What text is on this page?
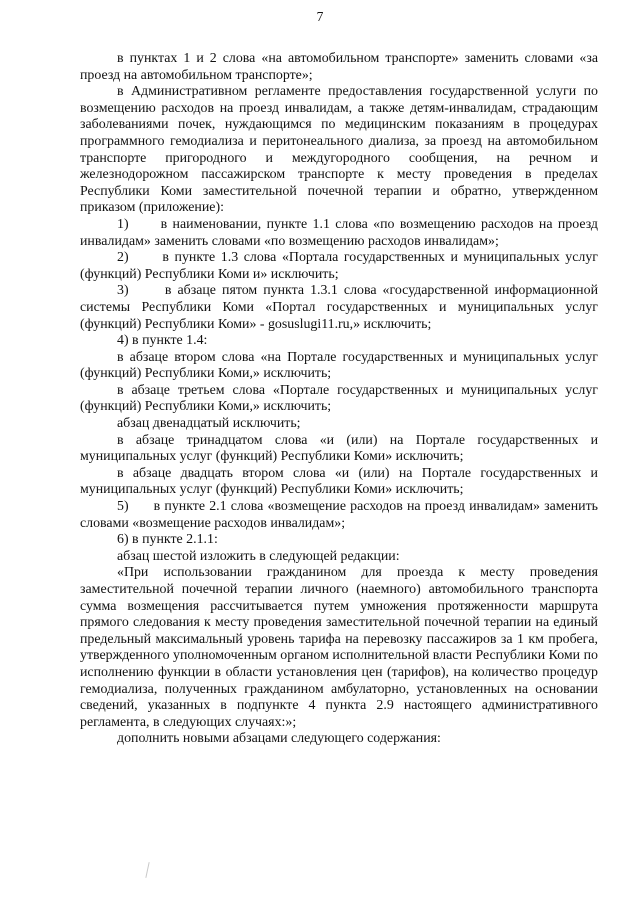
7

в пунктах 1 и 2 слова «на автомобильном транспорте» заменить словами «за проезд на автомобильном транспорте»;

в Административном регламенте предоставления государственной услуги по возмещению расходов на проезд инвалидам, а также детям-инвалидам, страдающим заболеваниями почек, нуждающимся по медицинским показаниям в процедурах программного гемодиализа и перитонеального диализа, за проезд на автомобильном транспорте пригородного и междугородного сообщения, на речном и железнодорожном пассажирском транспорте к месту проведения в пределах Республики Коми заместительной почечной терапии и обратно, утвержденном приказом (приложение):

1)      в наименовании, пункте 1.1 слова «по возмещению расходов на проезд инвалидам» заменить словами «по возмещению расходов инвалидам»;

2)      в пункте 1.3 слова «Портала государственных и муниципальных услуг (функций) Республики Коми и» исключить;

3)      в абзаце пятом пункта 1.3.1 слова «государственной информационной системы Республики Коми «Портал государственных и муниципальных услуг (функций) Республики Коми» - gosuslugi11.ru,» исключить;

4) в пункте 1.4:

в абзаце втором слова «на Портале государственных и муниципальных услуг (функций) Республики Коми,» исключить;

в абзаце третьем слова «Портале государственных и муниципальных услуг (функций) Республики Коми,» исключить;

абзац двенадцатый исключить;

в абзаце тринадцатом слова «и (или) на Портале государственных и муниципальных услуг (функций) Республики Коми» исключить;

в абзаце двадцать втором слова «и (или) на Портале государственных и муниципальных услуг (функций) Республики Коми» исключить;

5)      в пункте 2.1 слова «возмещение расходов на проезд инвалидам» заменить словами «возмещение расходов инвалидам»;

6) в пункте 2.1.1:

абзац шестой изложить в следующей редакции:

«При использовании гражданином для проезда к месту проведения заместительной почечной терапии личного (наемного) автомобильного транспорта сумма возмещения рассчитывается путем умножения протяженности маршрута прямого следования к месту проведения заместительной почечной терапии на единый предельный максимальный уровень тарифа на перевозку пассажиров за 1 км пробега, утвержденного уполномоченным органом исполнительной власти Республики Коми по исполнению функции в области установления цен (тарифов), на количество процедур гемодиализа, полученных гражданином амбулаторно, установленных на основании сведений, указанных в подпункте 4 пункта 2.9 настоящего административного регламента, в следующих случаях:»;

дополнить новыми абзацами следующего содержания:
